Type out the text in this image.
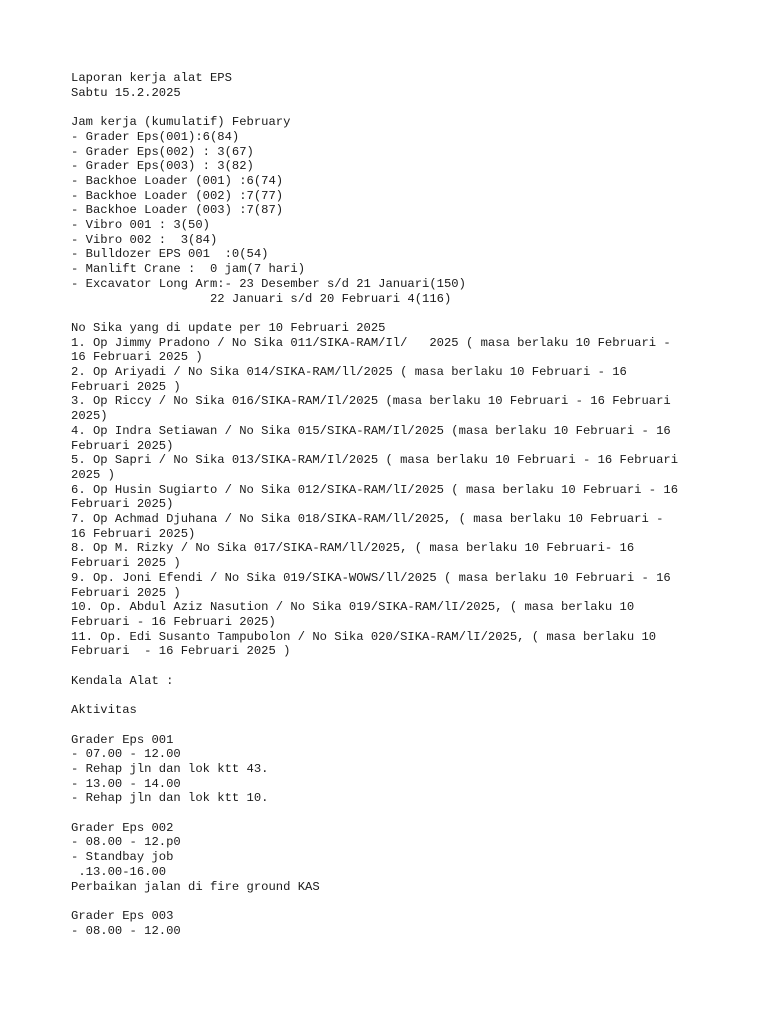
Laporan kerja alat EPS
Sabtu 15.2.2025
Jam kerja (kumulatif) February
- Grader Eps(001):6(84)
- Grader Eps(002) : 3(67)
- Grader Eps(003) : 3(82)
- Backhoe Loader (001) :6(74)
- Backhoe Loader (002) :7(77)
- Backhoe Loader (003) :7(87)
- Vibro 001 : 3(50)
- Vibro 002 :  3(84)
- Bulldozer EPS 001  :0(54)
- Manlift Crane :  0 jam(7 hari)
- Excavator Long Arm:- 23 Desember s/d 21 Januari(150)
22 Januari s/d 20 Februari 4(116)
No Sika yang di update per 10 Februari 2025
1. Op Jimmy Pradono / No Sika 011/SIKA-RAM/Il/   2025 ( masa berlaku 10 Februari -
16 Februari 2025 )
2. Op Ariyadi / No Sika 014/SIKA-RAM/ll/2025 ( masa berlaku 10 Februari - 16
Februari 2025 )
3. Op Riccy / No Sika 016/SIKA-RAM/Il/2025 (masa berlaku 10 Februari - 16 Februari
2025)
4. Op Indra Setiawan / No Sika 015/SIKA-RAM/Il/2025 (masa berlaku 10 Februari - 16
Februari 2025)
5. Op Sapri / No Sika 013/SIKA-RAM/Il/2025 ( masa berlaku 10 Februari - 16 Februari
2025 )
6. Op Husin Sugiarto / No Sika 012/SIKA-RAM/lI/2025 ( masa berlaku 10 Februari - 16
Februari 2025)
7. Op Achmad Djuhana / No Sika 018/SIKA-RAM/ll/2025, ( masa berlaku 10 Februari -
16 Februari 2025)
8. Op M. Rizky / No Sika 017/SIKA-RAM/ll/2025, ( masa berlaku 10 Februari- 16
Februari 2025 )
9. Op. Joni Efendi / No Sika 019/SIKA-WOWS/ll/2025 ( masa berlaku 10 Februari - 16
Februari 2025 )
10. Op. Abdul Aziz Nasution / No Sika 019/SIKA-RAM/lI/2025, ( masa berlaku 10
Februari - 16 Februari 2025)
11. Op. Edi Susanto Tampubolon / No Sika 020/SIKA-RAM/lI/2025, ( masa berlaku 10
Februari  - 16 Februari 2025 )
Kendala Alat :
Aktivitas
Grader Eps 001
- 07.00 - 12.00
- Rehap jln dan lok ktt 43.
- 13.00 - 14.00
- Rehap jln dan lok ktt 10.
Grader Eps 002
- 08.00 - 12.p0
- Standbay job
.13.00-16.00
Perbaikan jalan di fire ground KAS
Grader Eps 003
- 08.00 - 12.00
